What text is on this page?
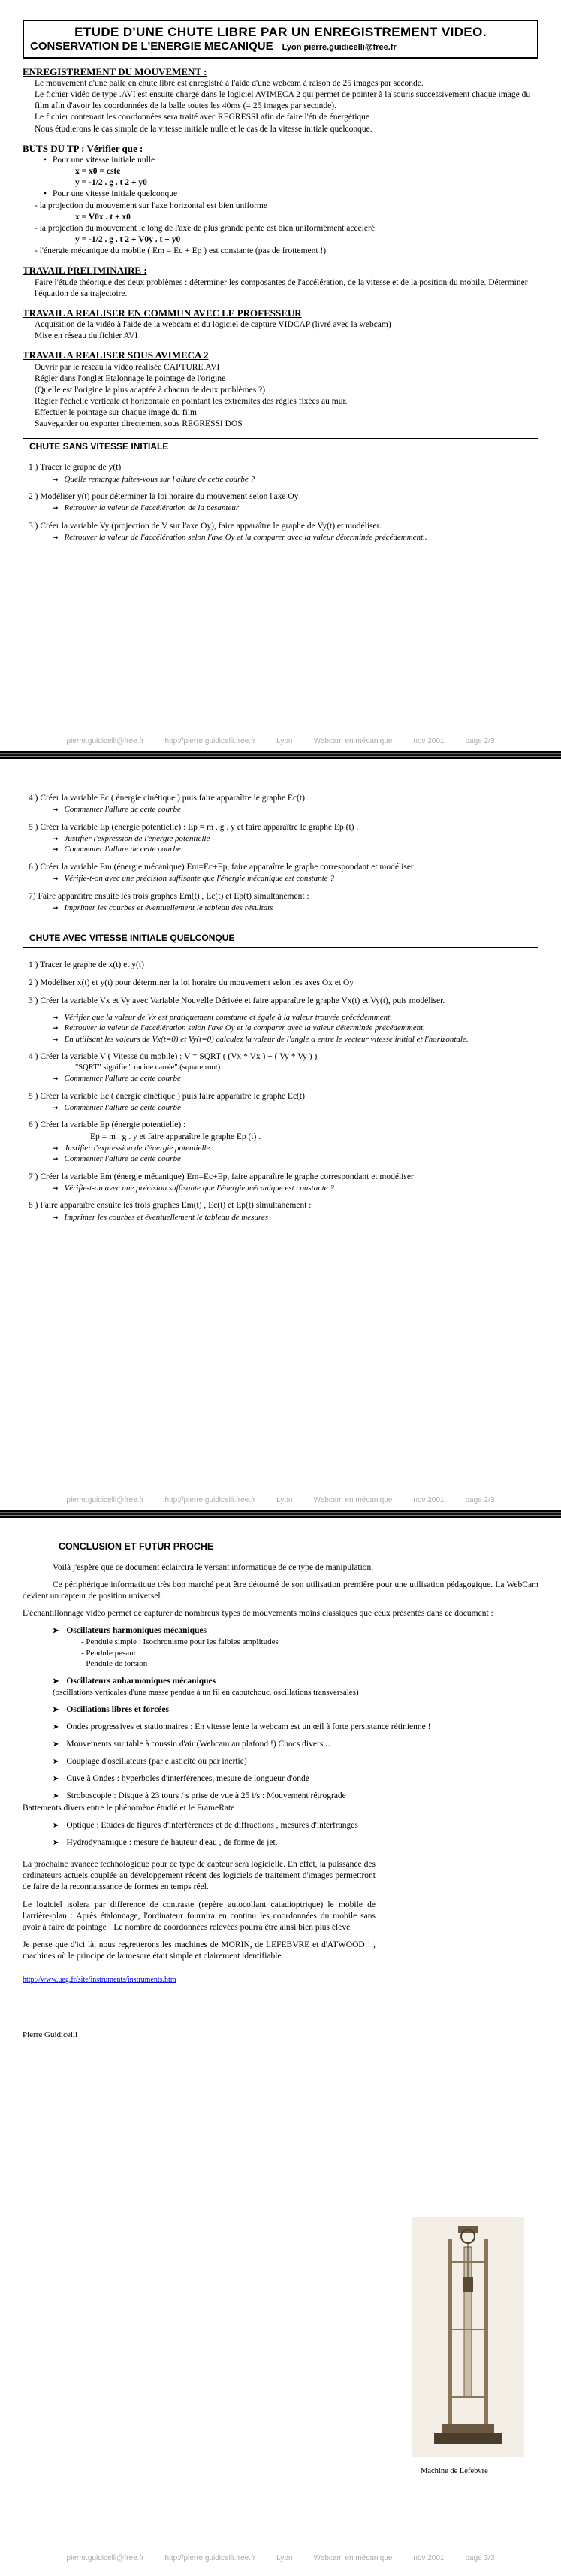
ETUDE D'UNE CHUTE LIBRE PAR UN ENREGISTREMENT VIDEO.
CONSERVATION DE L'ENERGIE MECANIQUE Lyon pierre.guidicelli@free.fr
ENREGISTREMENT DU MOUVEMENT :

Le mouvement d'une balle en chute libre est enregistré à l'aide d'une webcam à raison de 25 images par seconde.

Le fichier vidéo de type .AVI est ensuite chargé dans le logiciel AVIMECA 2 qui permet de pointer à la souris successivement chaque image du film afin d'avoir les coordonnées de la balle toutes les 40ms (= 25 images par seconde).

Le fichier contenant les coordonnées sera traité avec REGRESSI afin de faire l'étude énergétique

Nous étudierons le cas simple de la vitesse initiale nulle et le cas de la vitesse initiale quelconque.

BUTS DU TP : Vérifier que :
• Pour une vitesse initiale nulle :
x = x0 = cste
y = -1/2 . g . t 2 + y0
• Pour une vitesse initiale quelconque

- la projection du mouvement sur l'axe horizontal est bien uniforme

x = V0x . t + x0

- la projection du mouvement le long de l'axe de plus grande pente est bien uniformément accéléré

y = -1/2 . g . t 2 + V0y . t + y0

- l'énergie mécanique du mobile ( Em = Ec + Ep ) est constante (pas de frottement !)

TRAVAIL PRELIMINAIRE :

Faire l'étude théorique des deux problèmes : déterminer les composantes de l'accélération, de la vitesse et de la position du mobile. Déterminer l'équation de sa trajectoire.

TRAVAIL A REALISER EN COMMUN AVEC LE PROFESSEUR

Acquisition de la vidéo à l'aide de la webcam et du logiciel de capture VIDCAP (livré avec la webcam)

Mise en réseau du fichier AVI

TRAVAIL A REALISER SOUS AVIMECA 2

Ouvrir par le réseau la vidéo réalisée CAPTURE.AVI

Régler dans l'onglet Etalonnage le pointage de l'origine

(Quelle est l'origine la plus adaptée à chacun de deux problèmes ?)

Régler l'échelle verticale et horizontale en pointant les extrémités des règles fixées au mur.

Effectuer le pointage sur chaque image du film

Sauvegarder ou exporter directement sous REGRESSI DOS

CHUTE SANS VITESSE INITIALE
1 ) Tracer le graphe de y(t)
➜ Quelle remarque faites-vous sur l'allure de cette courbe ?
2 ) Modéliser y(t) pour déterminer la loi horaire du mouvement selon l'axe Oy
➜ Retrouver la valeur de l'accélération de la pesanteur
3 ) Créer la variable Vy (projection de V sur l'axe Oy), faire apparaître le graphe de Vy(t) et modéliser.
➜ Retrouver la valeur de l'accélération selon l'axe Oy et la comparer avec la valeur déterminée précédemment..
pierre.guidicelli@free.fr	http://pierre.guidicelli.free.fr	Lyon	Webcam en mécanique	nov 2001	page 2/3
4 ) Créer la variable Ec ( énergie cinétique ) puis faire apparaître le graphe Ec(t)
➜ Commenter l'allure de cette courbe
5 ) Créer la variable Ep (énergie potentielle) : Ep = m . g . y et faire apparaître le graphe Ep (t) .
➜ Justifier l'expression de l'énergie potentielle
➜ Commenter l'allure de cette courbe
6 ) Créer la variable Em (énergie mécanique) Em=Ec+Ep, faire apparaître le graphe correspondant et modéliser
➜ Vérifie-t-on avec une précision suffisante que l'énergie mécanique est constante ?
7) Faire apparaître ensuite les trois graphes Em(t) , Ec(t) et Ep(t) simultanément :
➜ Imprimer les courbes et éventuellement le tableau des résultats
CHUTE AVEC VITESSE INITIALE QUELCONQUE
1 ) Tracer le graphe de x(t) et y(t)
2 ) Modéliser x(t) et y(t) pour déterminer la loi horaire du mouvement selon les axes Ox et Oy
3 ) Créer la variable Vx et Vy avec Variable Nouvelle Dérivée et faire apparaître le graphe Vx(t) et Vy(t), puis modéliser.
➜ Vérifier que la valeur de Vx est pratiquement constante et égale à la valeur trouvée précédemment
➜ Retrouver la valeur de l'accélération selon l'axe Oy et la comparer avec la valeur déterminée précédemment.
➜ En utilisant les valeurs de Vx(t=0) et Vy(t=0) calculez la valeur de l'angle α entre le vecteur vitesse initial et l'horizontale.
4 ) Créer la variable V ( Vitesse du mobile) : V = SQRT ( (Vx * Vx ) + ( Vy * Vy ) )
"SQRT" signifie " racine carrée" (square root)
➜ Commenter l'allure de cette courbe
5 ) Créer la variable Ec ( énergie cinétique ) puis faire apparaître le graphe Ec(t)
➜ Commenter l'allure de cette courbe
6 ) Créer la variable Ep (énergie potentielle) :
Ep = m . g . y et faire apparaître le graphe Ep (t) .
➜ Justifier l'expression de l'énergie potentielle
➜ Commenter l'allure de cette courbe
7 ) Créer la variable Em (énergie mécanique) Em=Ec+Ep, faire apparaître le graphe correspondant et modéliser
➜ Vérifie-t-on avec une précision suffisante que l'énergie mécanique est constante ?
8 ) Faire apparaître ensuite les trois graphes Em(t) , Ec(t) et Ep(t) simultanément :
➜ Imprimer les courbes et éventuellement le tableau de mesures
pierre.guidicelli@free.fr	http://pierre.guidicelli.free.fr	Lyon	Webcam en mécanique	nov 2001	page 2/3
CONCLUSION ET FUTUR PROCHE
Voilà j'espère que ce document éclaircira le versant informatique de ce type de manipulation.
Ce périphérique informatique très bon marché peut être détourné de son utilisation première pour une utilisation pédagogique. La WebCam devient un capteur de position universel.
L'échantillonnage vidéo permet de capturer de nombreux types de mouvements moins classiques que ceux présentés dans ce document :
➤ Oscillateurs harmoniques mécaniques
- Pendule simple : Isochronisme pour les faibles amplitudes
- Pendule pesant
- Pendule de torsion
➤ Oscillateurs anharmoniques mécaniques
(oscillations verticales d'une masse pendue à un fil en caoutchouc, oscillations transversales)
➤ Oscillations libres et forcées
➤ Ondes progressives et stationnaires : En vitesse lente la webcam est un œil à forte persistance rétinienne !
➤ Mouvements sur table à coussin d'air (Webcam au plafond !) Chocs divers ...
➤ Couplage d'oscillateurs (par élasticité ou par inertie)
➤ Cuve à Ondes : hyperboles d'interférences, mesure de longueur d'onde
➤ Stroboscopie : Disque à 23 tours / s prise de vue à 25 i/s : Mouvement rétrograde
Battements divers entre le phénomène étudié et le FrameRate
➤ Optique : Etudes de figures d'interférences et de diffractions , mesures d'interfranges
➤ Hydrodynamique : mesure de hauteur d'eau , de forme de jet.
La prochaine avancée technologique pour ce type de capteur sera logicielle. En effet, la puissance des ordinateurs actuels couplée au développement récent des logiciels de traitement d'images permettront de faire de la reconnaissance de formes en temps réel.
Le logiciel isolera par difference de contraste (repère autocollant catadioptrique) le mobile de l'arrière-plan : Après étalonnage, l'ordinateur fournira en continu les coordonnées du mobile sans avoir à faire de pointage ! Le nombre de coordonnées relevées pourra être ainsi bien plus élevé.
Je pense que d'ici là, nous regretterons les machines de MORIN, de LEFEBVRE et d'ATWOOD ! , machines où le principe de la mesure était simple et clairement identifiable.
http://www.ueg.fr/site/instruments/instruments.htm
Pierre Guidicelli
Machine de Lefebvre
pierre.guidicelli@free.fr	http://pierre.guidicelli.free.fr	Lyon	Webcam en mécanique	nov 2001	page 3/3
